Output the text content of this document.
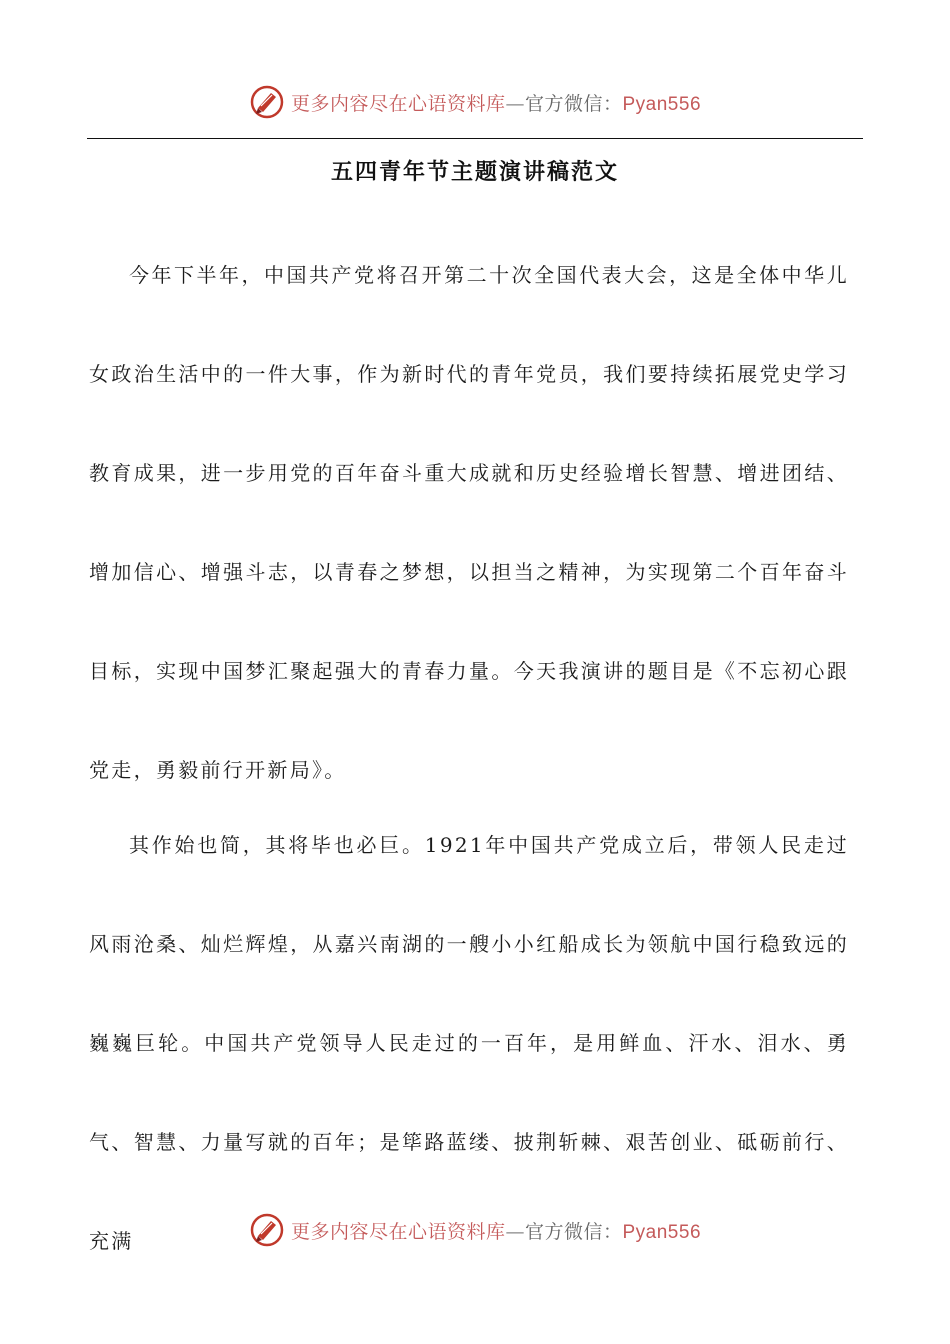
更多内容尽在心语资料库—官方微信：Pyan556
五四青年节主题演讲稿范文

今年下半年，中国共产党将召开第二十次全国代表大会，这是全体中华儿女政治生活中的一件大事，作为新时代的青年党员，我们要持续拓展党史学习教育成果，进一步用党的百年奋斗重大成就和历史经验增长智慧、增进团结、增加信心、增强斗志，以青春之梦想，以担当之精神，为实现第二个百年奋斗目标，实现中国梦汇聚起强大的青春力量。今天我演讲的题目是《不忘初心跟党走，勇毅前行开新局》。

其作始也简，其将毕也必巨。1921年中国共产党成立后，带领人民走过风雨沧桑、灿烂辉煌，从嘉兴南湖的一艘小小红船成长为领航中国行稳致远的巍巍巨轮。中国共产党领导人民走过的一百年，是用鲜血、汗水、泪水、勇气、智慧、力量写就的百年；是筚路蓝缕、披荆斩棘、艰苦创业、砥砺前行、充满	更多内容尽在心语资料库—官方微信：Pyan556
